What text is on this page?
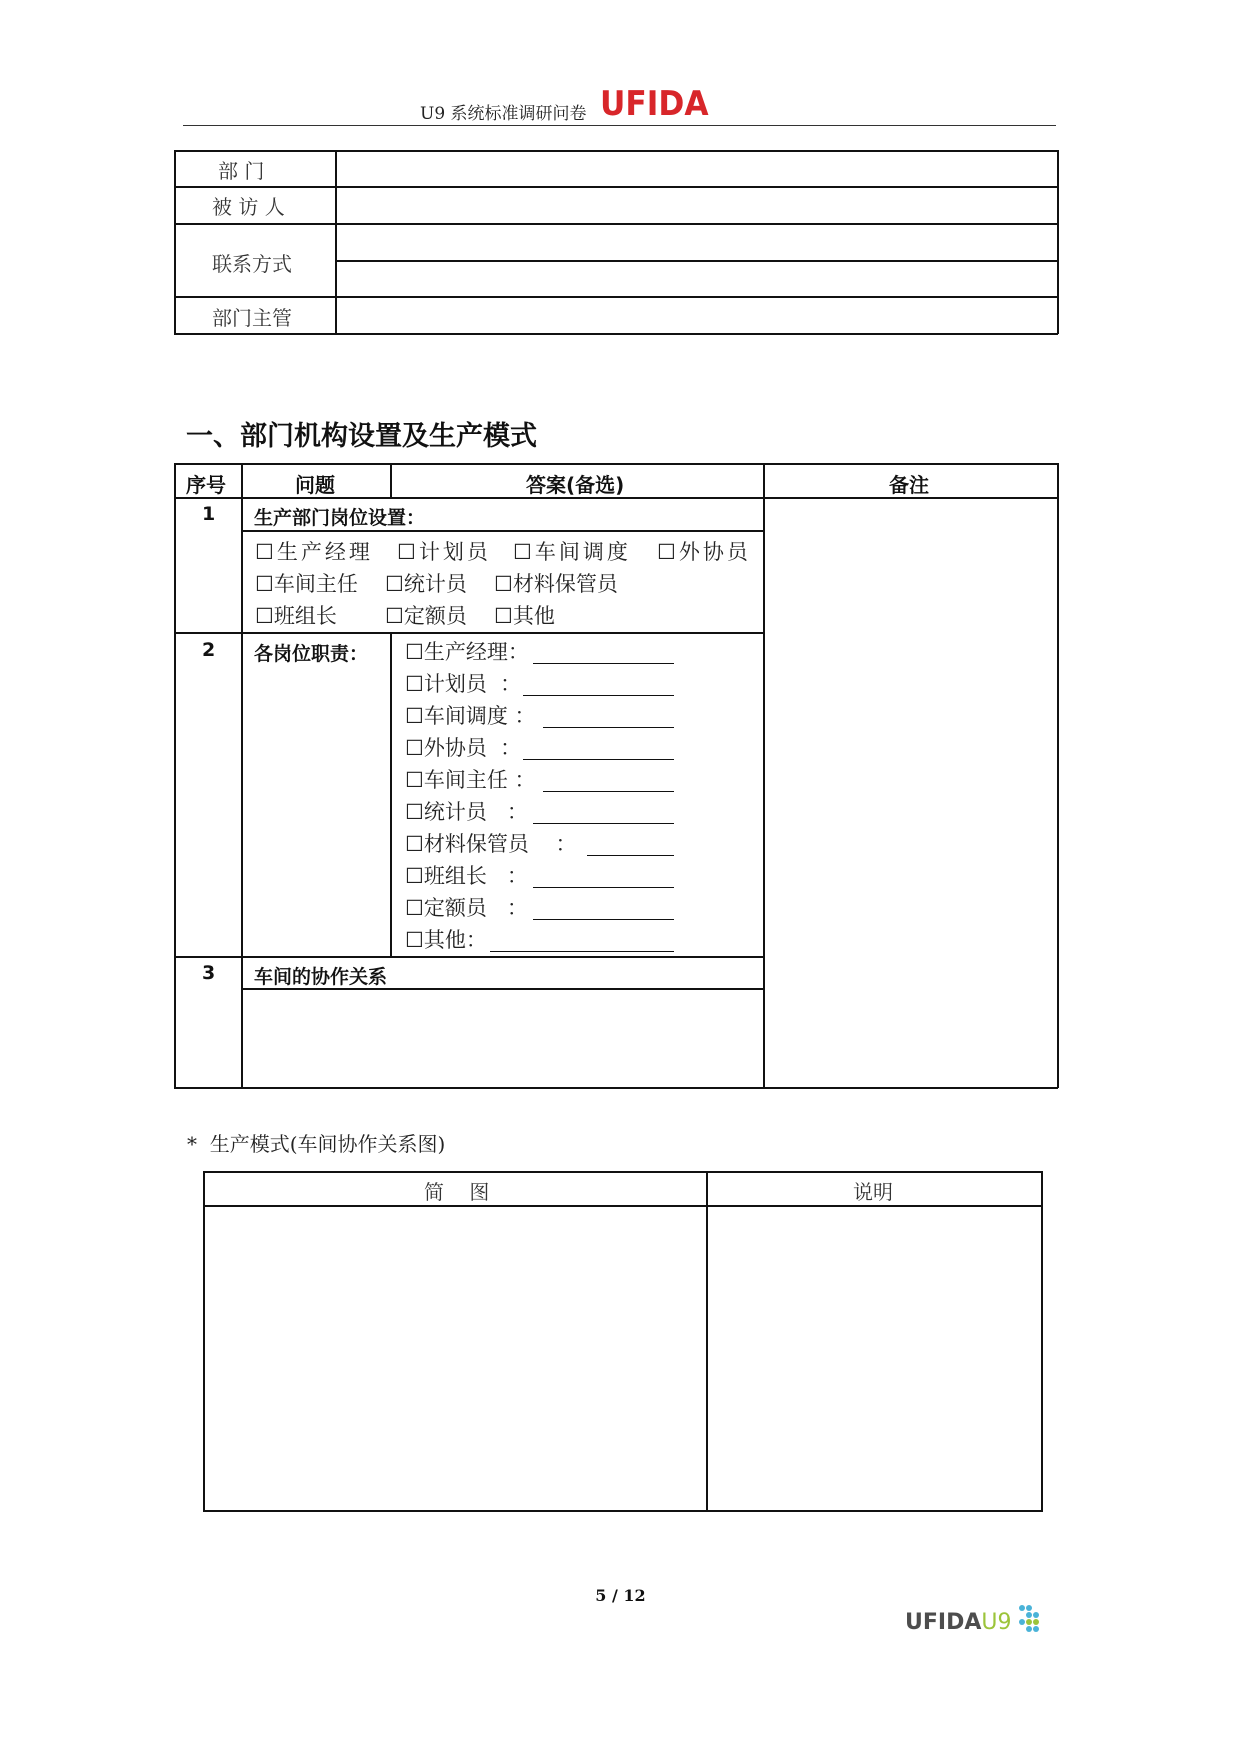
U9 系统标准调研问卷 UFIDA
部 门
被 访 人
联系方式
部门主管
一、部门机构设置及生产模式
序号	问题	答案(备选)	备注
1 生产部门岗位设置：
☐生产经理 ☐计划员 ☐车间调度 ☐外协员
☐车间主任 ☐统计员 ☐材料保管员
☐班组长 ☐定额员 ☐其他
2 各岗位职责： ☐生产经理：
☐计划员  ：
☐车间调度 ：
☐外协员  ：
☐车间主任 ：
☐统计员   ：
☐材料保管员    ：
☐班组长   ：
☐定额员   ：
☐其他：
3 车间的协作关系
*  生产模式(车间协作关系图)
简    图	说明
5 / 12
UFIDAU9
